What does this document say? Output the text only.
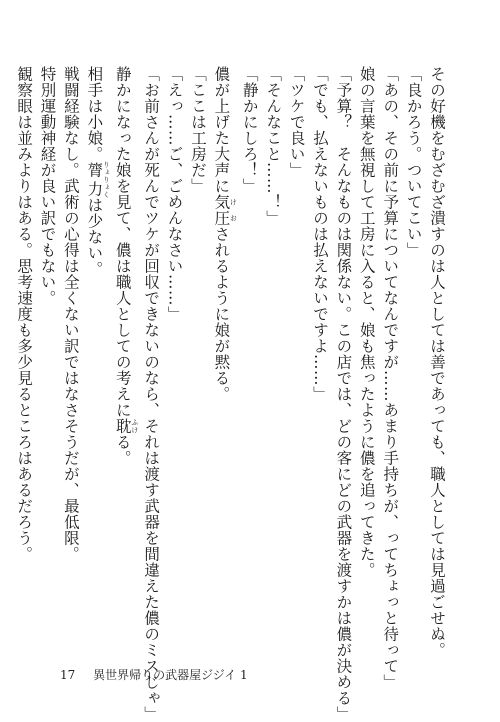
その好機をむざむざ潰すのは人としては善であっても、職人としては見過ごせぬ。
「良かろう。ついてこい」
「あの、その前に予算についてなんですが……あまり手持ちが、ってちょっと待って」
娘の言葉を無視して工房に入ると、娘も焦ったように儂を追ってきた。
「予算？　そんなものは関係ない。この店では、どの客にどの武器を渡すかは儂が決める」
「でも、払えないものは払えないですよ……」
「ツケで良い」
「そんなこと……！」
「静かにしろ！」
儂が上げた大声に気圧 けおされるように娘が黙る。
「ここは工房だ」
「えっ……ご、ごめんなさい……」
「お前さんが死んでツケが回収できないのなら、それは渡す武器を間違えた儂のミスじゃ」
静かになった娘を見て、儂は職人としての考えに耽 ふける。
相手は小娘。膂力 りょりょくは少ない。
戦闘経験なし。武術の心得は全くない訳ではなさそうだが、最低限。
特別運動神経が良い訳でもない。
観察眼は並みよりはある。思考速度も多少見るところはあるだろう。
17 異世界帰りの武器屋ジジイ 1
